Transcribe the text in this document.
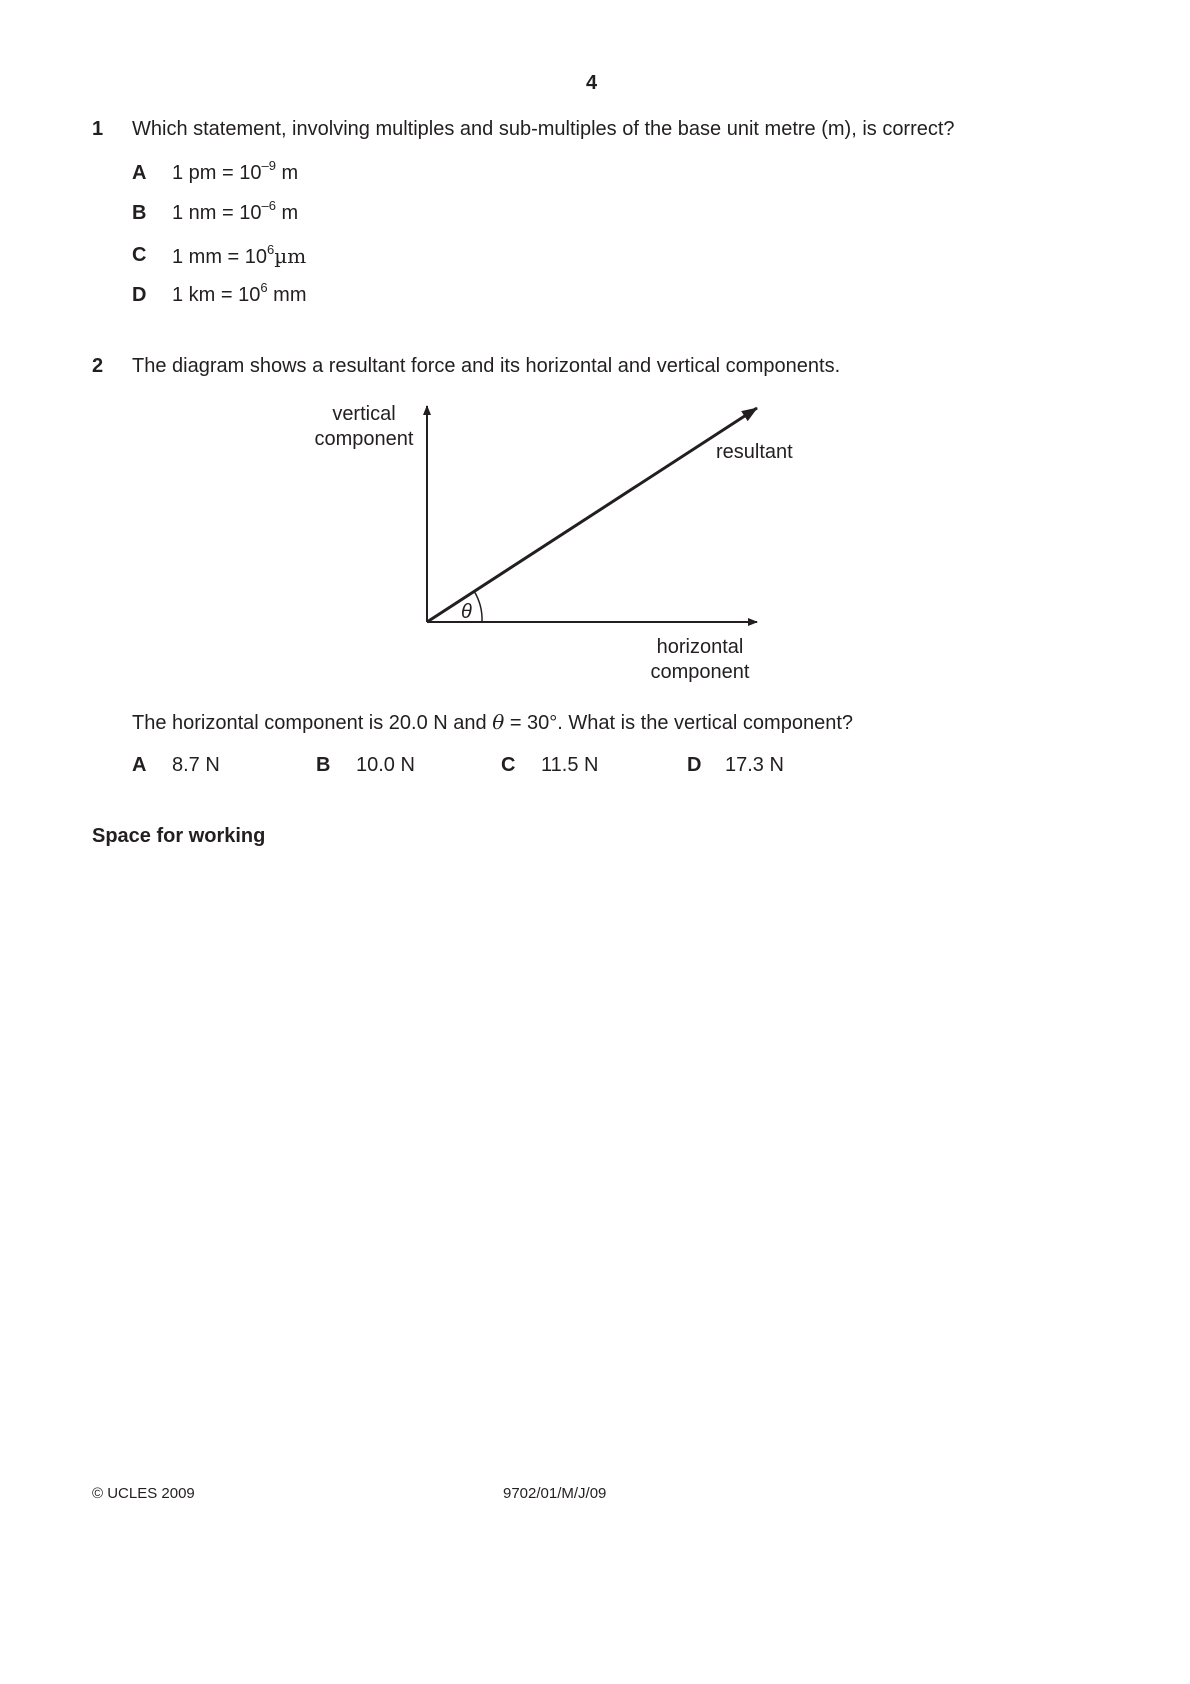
4
1 Which statement, involving multiples and sub-multiples of the base unit metre (m), is correct?
A 1 pm = $10^{-9}$ m
B 1 nm = $10^{-6}$ m
C 1 mm = $10^6\mu m$
D 1 km = $10^6$ mm
2 The diagram shows a resultant force and its horizontal and vertical components.
θ
vertical
component
resultant
horizontal
component
The horizontal component is 20.0 N and θ = 30°. What is the vertical component?
A 8.7 N	B 10.0 N	C 11.5 N	D 17.3 N
Space for working
© UCLES 2009	9702/01/M/J/09
